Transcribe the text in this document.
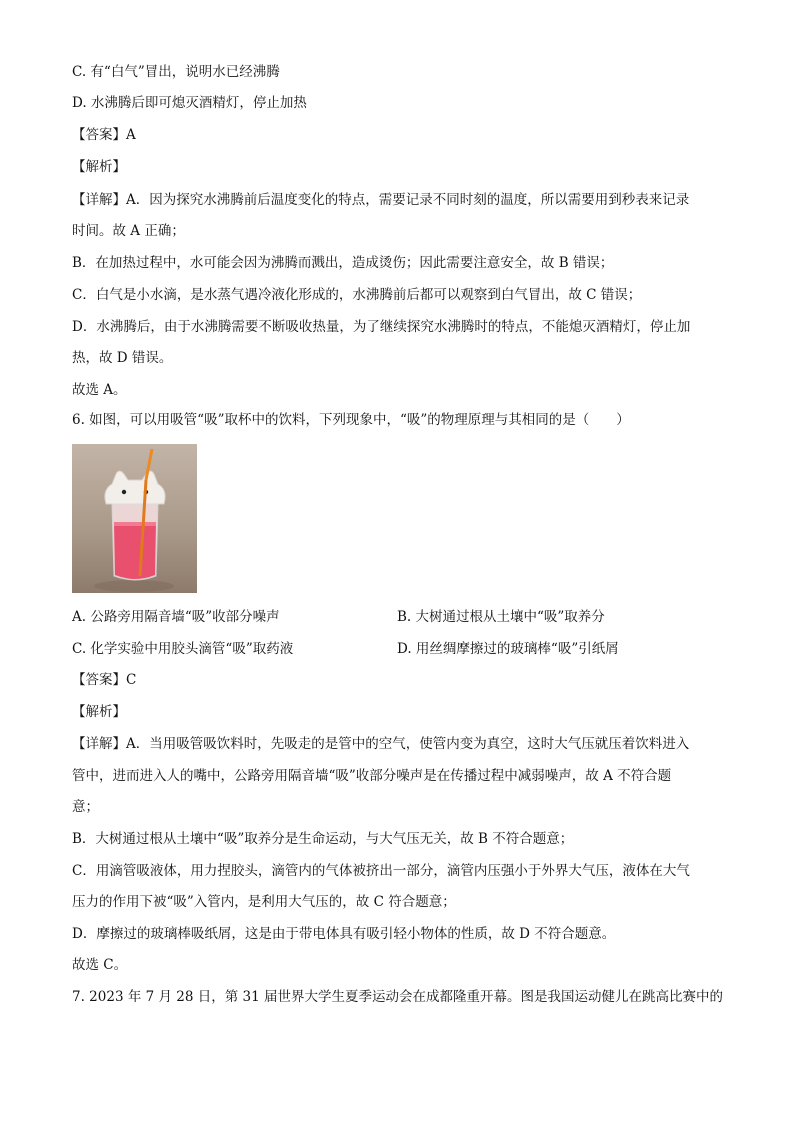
C. 有“白气”冒出，说明水已经沸腾
D. 水沸腾后即可熄灭酒精灯，停止加热
【答案】A
【解析】
【详解】A．因为探究水沸腾前后温度变化的特点，需要记录不同时刻的温度，所以需要用到秒表来记录
时间。故 A 正确；
B．在加热过程中，水可能会因为沸腾而溅出，造成烫伤；因此需要注意安全，故 B 错误；
C．白气是小水滴，是水蒸气遇冷液化形成的，水沸腾前后都可以观察到白气冒出，故 C 错误；
D．水沸腾后，由于水沸腾需要不断吸收热量，为了继续探究水沸腾时的特点，不能熄灭酒精灯，停止加
热，故 D 错误。
故选 A。
6. 如图，可以用吸管“吸”取杯中的饮料，下列现象中，“吸”的物理原理与其相同的是（　　）
A. 公路旁用隔音墙“吸”收部分噪声	B. 大树通过根从土壤中“吸”取养分
C. 化学实验中用胶头滴管“吸”取药液	D. 用丝绸摩擦过的玻璃棒“吸”引纸屑
【答案】C
【解析】
【详解】A．当用吸管吸饮料时，先吸走的是管中的空气，使管内变为真空，这时大气压就压着饮料进入
管中，进而进入人的嘴中，公路旁用隔音墙“吸”收部分噪声是在传播过程中减弱噪声，故 A 不符合题
意；
B．大树通过根从土壤中“吸”取养分是生命运动，与大气压无关，故 B 不符合题意；
C．用滴管吸液体，用力捏胶头，滴管内的气体被挤出一部分，滴管内压强小于外界大气压，液体在大气
压力的作用下被“吸”入管内，是利用大气压的，故 C 符合题意；
D．摩擦过的玻璃棒吸纸屑，这是由于带电体具有吸引轻小物体的性质，故 D 不符合题意。
故选 C。
7. 2023 年 7 月 28 日，第 31 届世界大学生夏季运动会在成都隆重开幕。图是我国运动健儿在跳高比赛中的
